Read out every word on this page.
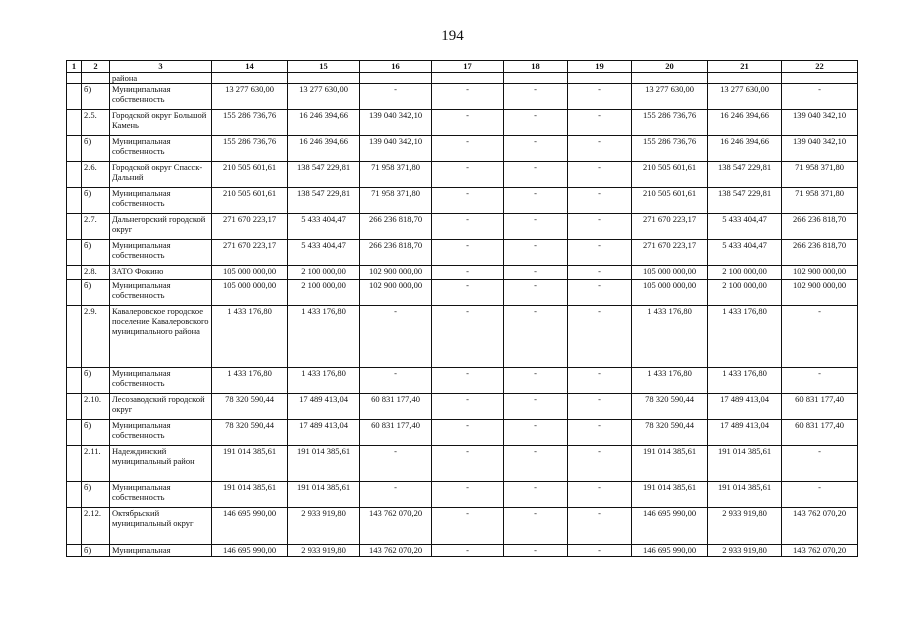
194
1	2	3	14	15	16	17	18	19	20	21	22
		района									
	б)	Муниципальная собственность	13 277 630,00	13 277 630,00	-	-	-	-	13 277 630,00	13 277 630,00	-
	2.5.	Городской округ Большой Камень	155 286 736,76	16 246 394,66	139 040 342,10	-	-	-	155 286 736,76	16 246 394,66	139 040 342,10
	б)	Муниципальная собственность	155 286 736,76	16 246 394,66	139 040 342,10	-	-	-	155 286 736,76	16 246 394,66	139 040 342,10
	2.6.	Городской округ Спасск-Дальний	210 505 601,61	138 547 229,81	71 958 371,80	-	-	-	210 505 601,61	138 547 229,81	71 958 371,80
	б)	Муниципальная собственность	210 505 601,61	138 547 229,81	71 958 371,80	-	-	-	210 505 601,61	138 547 229,81	71 958 371,80
	2.7.	Дальнегорский городской округ	271 670 223,17	5 433 404,47	266 236 818,70	-	-	-	271 670 223,17	5 433 404,47	266 236 818,70
	б)	Муниципальная собственность	271 670 223,17	5 433 404,47	266 236 818,70	-	-	-	271 670 223,17	5 433 404,47	266 236 818,70
	2.8.	ЗАТО Фокино	105 000 000,00	2 100 000,00	102 900 000,00	-	-	-	105 000 000,00	2 100 000,00	102 900 000,00
	б)	Муниципальная собственность	105 000 000,00	2 100 000,00	102 900 000,00	-	-	-	105 000 000,00	2 100 000,00	102 900 000,00
	2.9.	Кавалеровское городское поселение Кавалеровского муниципального района	1 433 176,80	1 433 176,80	-	-	-	-	1 433 176,80	1 433 176,80	-
	б)	Муниципальная собственность	1 433 176,80	1 433 176,80	-	-	-	-	1 433 176,80	1 433 176,80	-
	2.10.	Лесозаводский городской округ	78 320 590,44	17 489 413,04	60 831 177,40	-	-	-	78 320 590,44	17 489 413,04	60 831 177,40
	б)	Муниципальная собственность	78 320 590,44	17 489 413,04	60 831 177,40	-	-	-	78 320 590,44	17 489 413,04	60 831 177,40
	2.11.	Надеждинский муниципальный район	191 014 385,61	191 014 385,61	-	-	-	-	191 014 385,61	191 014 385,61	-
	б)	Муниципальная собственность	191 014 385,61	191 014 385,61	-	-	-	-	191 014 385,61	191 014 385,61	-
	2.12.	Октябрьский муниципальный округ	146 695 990,00	2 933 919,80	143 762 070,20	-	-	-	146 695 990,00	2 933 919,80	143 762 070,20
	б)	Муниципальная	146 695 990,00	2 933 919,80	143 762 070,20	-	-	-	146 695 990,00	2 933 919,80	143 762 070,20
